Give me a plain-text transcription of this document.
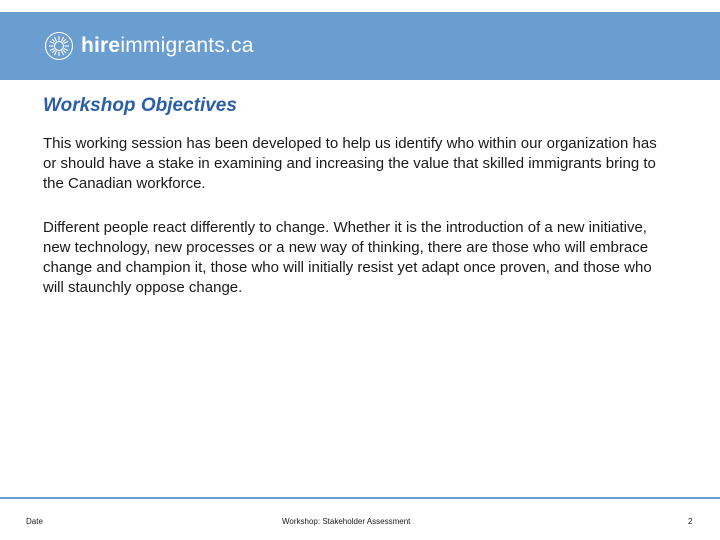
hireimmigrants.ca
Workshop Objectives

This working session has been developed to help us identify who within our organization has or should have a stake in examining and increasing the value that skilled immigrants bring to the Canadian workforce.

Different people react differently to change. Whether it is the introduction of a new initiative, new technology, new processes or a new way of thinking, there are those who will embrace change and champion it, those who will initially resist yet adapt once proven, and those who will staunchly oppose change.

Date	Workshop: Stakeholder Assessment	2
